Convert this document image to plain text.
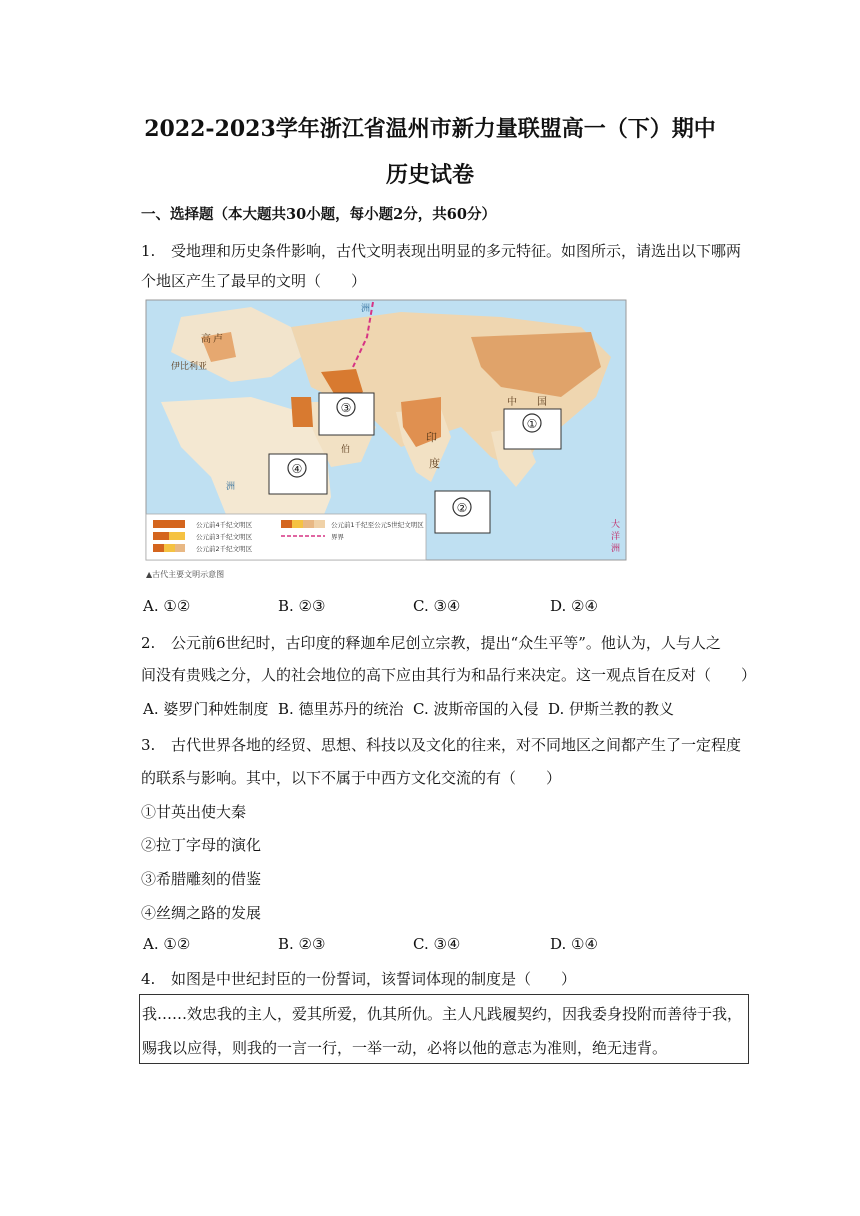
2022-2023学年浙江省温州市新力量联盟高一（下）期中
历史试卷
一、选择题（本大题共30小题，每小题2分，共60分）
1. 受地理和历史条件影响，古代文明表现出明显的多元特征。如图所示，请选出以下哪两
个地区产生了最早的文明（　　）
③
①
④
②
高 卢
伊比利亚
中 国
印
度
伯
大
洲
洲
洋
洲
公元前4千纪文明区
公元前3千纪文明区
公元前2千纪文明区
公元前1千纪至公元5世纪文明区
界界
▲古代主要文明示意图
A. ①②	B. ②③	C. ③④	D. ②④
2. 公元前6世纪时，古印度的释迦牟尼创立宗教，提出“众生平等”。他认为，人与人之
间没有贵贱之分，人的社会地位的高下应由其行为和品行来决定。这一观点旨在反对（　　）
A. 婆罗门种姓制度 B. 德里苏丹的统治 C. 波斯帝国的入侵 D. 伊斯兰教的教义
3. 古代世界各地的经贸、思想、科技以及文化的往来，对不同地区之间都产生了一定程度
的联系与影响。其中，以下不属于中西方文化交流的有（　　）
①甘英出使大秦
②拉丁字母的演化
③希腊雕刻的借鉴
④丝绸之路的发展
A. ①②	B. ②③	C. ③④	D. ①④
4. 如图是中世纪封臣的一份誓词，该誓词体现的制度是（　　）
我……效忠我的主人，爱其所爱，仇其所仇。主人凡践履契约，因我委身投附而善待于我，
赐我以应得，则我的一言一行，一举一动，必将以他的意志为准则，绝无违背。
